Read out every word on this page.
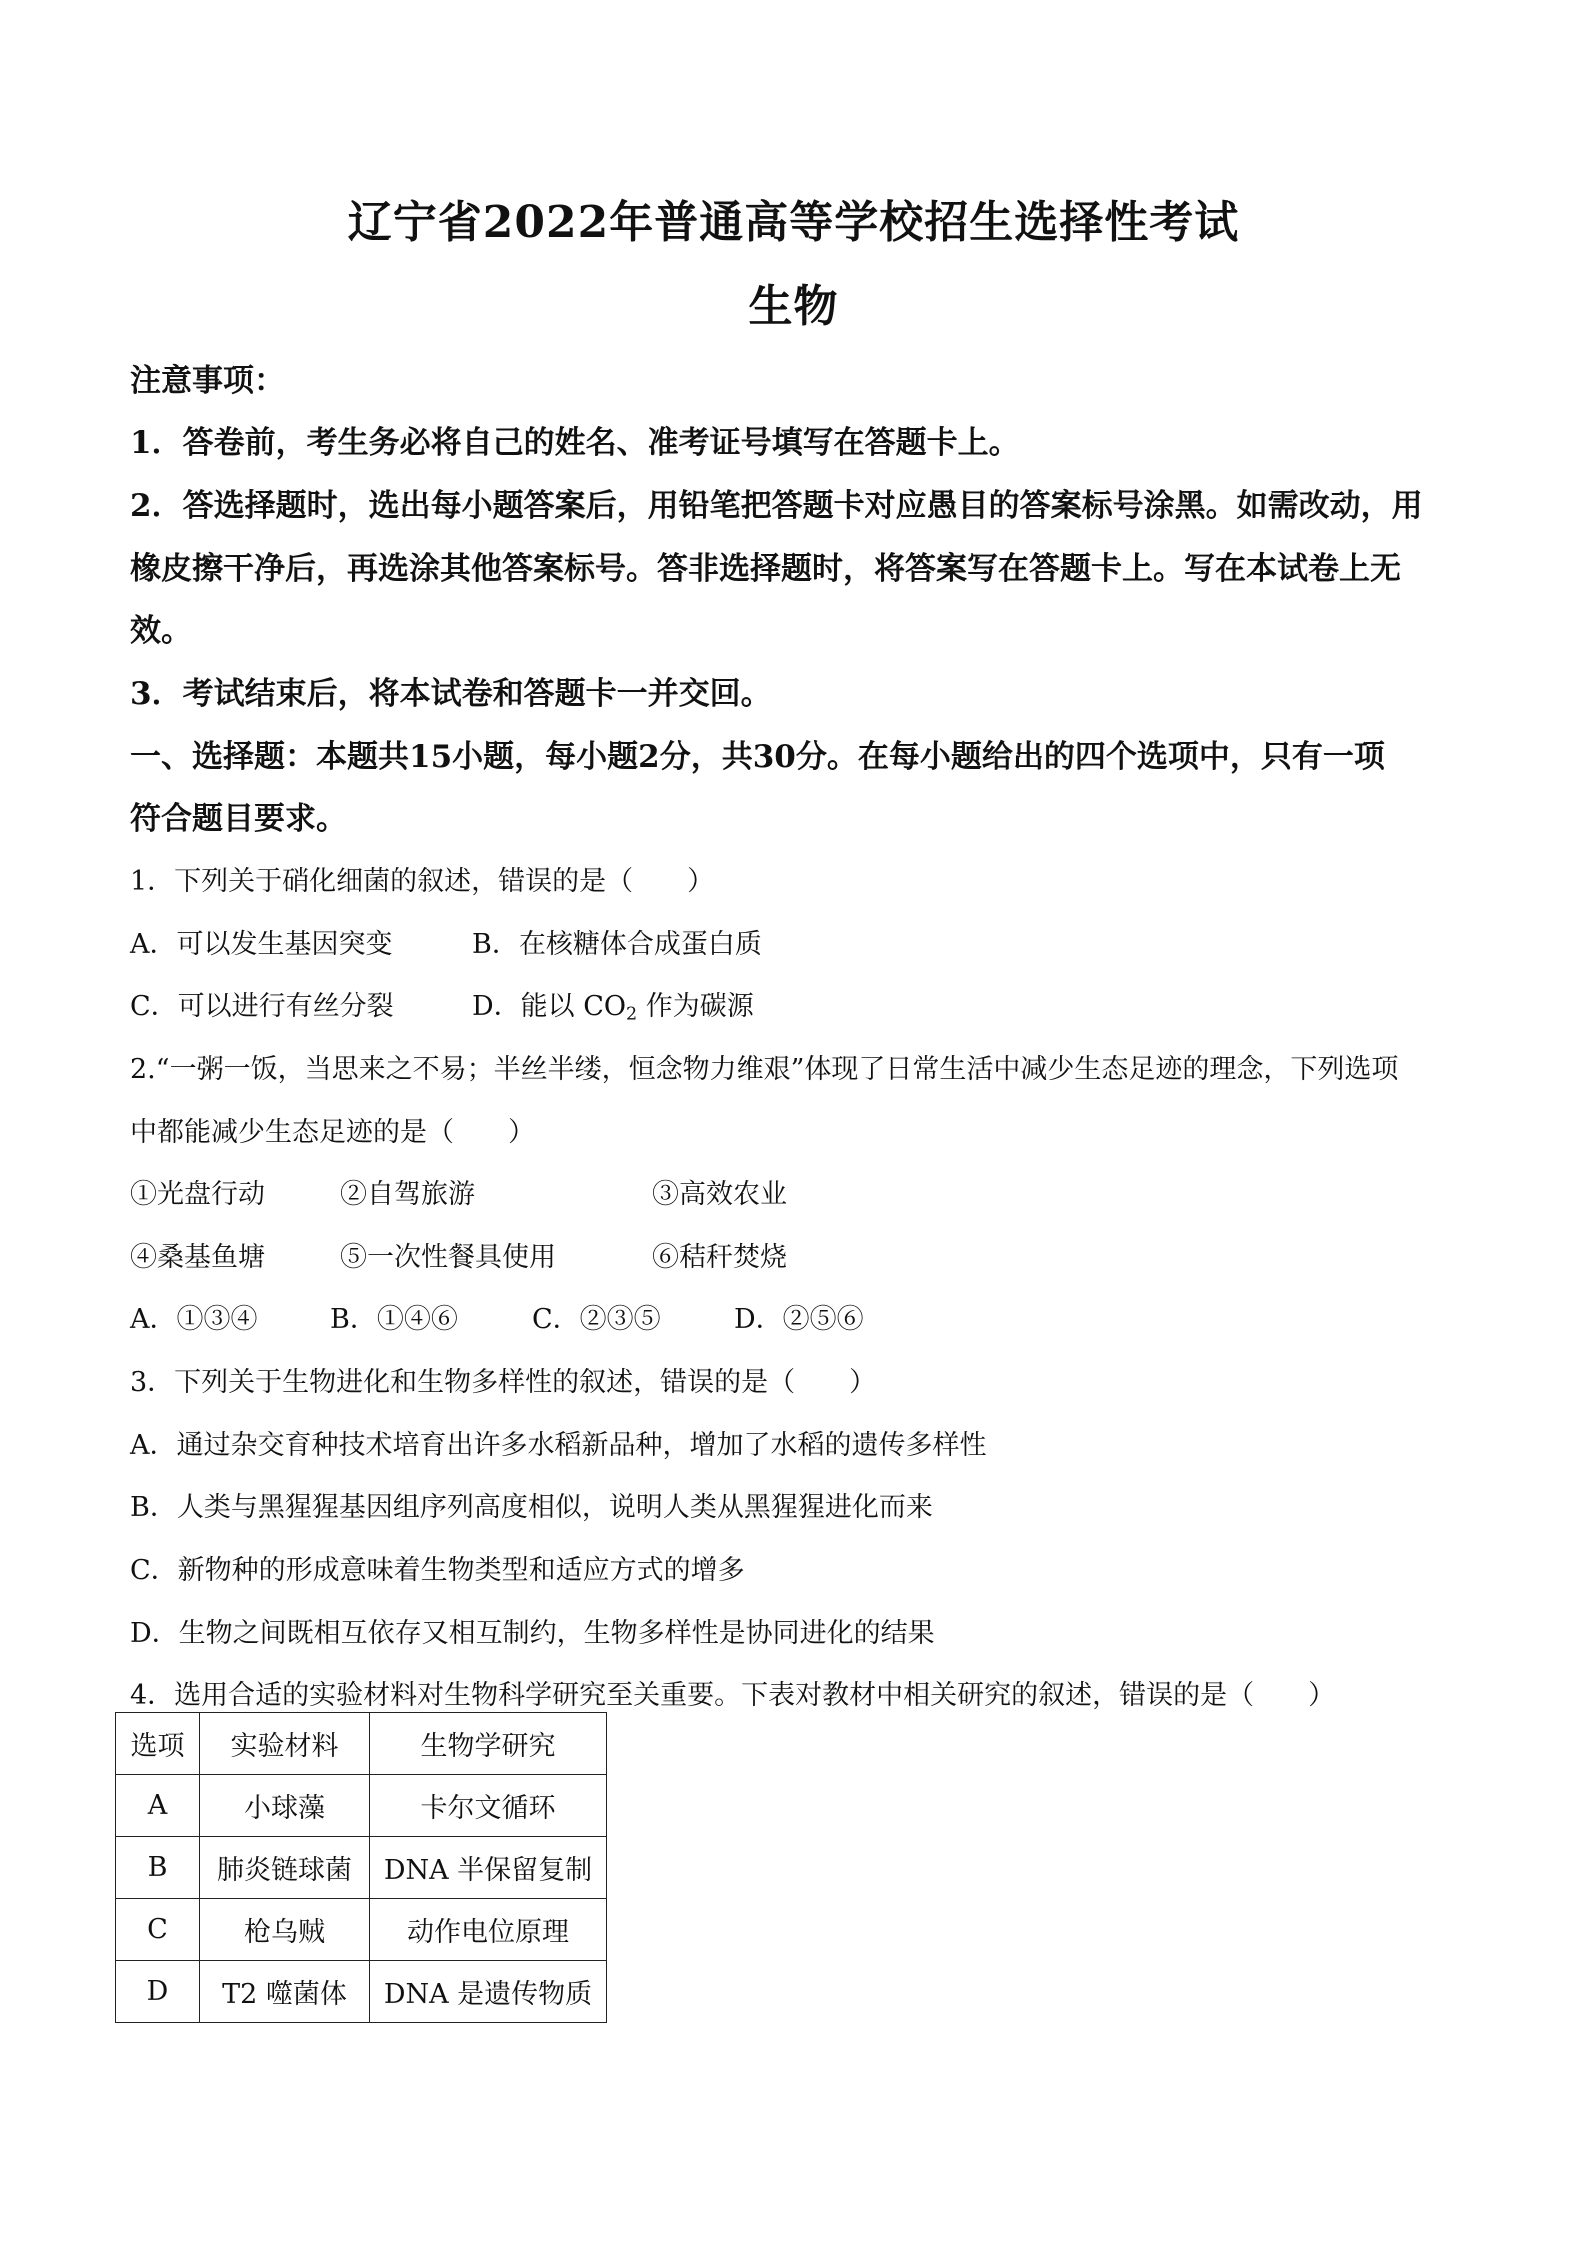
辽宁省2022年普通高等学校招生选择性考试
生物
注意事项：
1．答卷前，考生务必将自己的姓名、准考证号填写在答题卡上。
2．答选择题时，选出每小题答案后，用铅笔把答题卡对应愚目的答案标号涂黑。如需改动，用
橡皮擦干净后，再选涂其他答案标号。答非选择题时，将答案写在答题卡上。写在本试卷上无
效。
3．考试结束后，将本试卷和答题卡一并交回。
一、选择题：本题共15小题，每小题2分，共30分。在每小题给出的四个选项中，只有一项
符合题目要求。
1．下列关于硝化细菌的叙述，错误的是（　　）
A．可以发生基因突变	B．在核糖体合成蛋白质
C．可以进行有丝分裂	D．能以 $CO_2$ 作为碳源
2.“一粥一饭，当思来之不易；半丝半缕，恒念物力维艰”体现了日常生活中减少生态足迹的理念，下列选项
中都能减少生态足迹的是（　　）
①光盘行动	②自驾旅游	③高效农业
④桑基鱼塘	⑤一次性餐具使用	⑥秸秆焚烧
A．①③④	B．①④⑥	C．②③⑤	D．②⑤⑥
3．下列关于生物进化和生物多样性的叙述，错误的是（　　）
A．通过杂交育种技术培育出许多水稻新品种，增加了水稻的遗传多样性
B．人类与黑猩猩基因组序列高度相似，说明人类从黑猩猩进化而来
C．新物种的形成意味着生物类型和适应方式的增多
D．生物之间既相互依存又相互制约，生物多样性是协同进化的结果
4．选用合适的实验材料对生物科学研究至关重要。下表对教材中相关研究的叙述，错误的是（　　）
选项	实验材料	生物学研究
A	小球藻	卡尔文循环
B	肺炎链球菌	DNA 半保留复制
C	枪乌贼	动作电位原理
D	T2 噬菌体	DNA 是遗传物质
